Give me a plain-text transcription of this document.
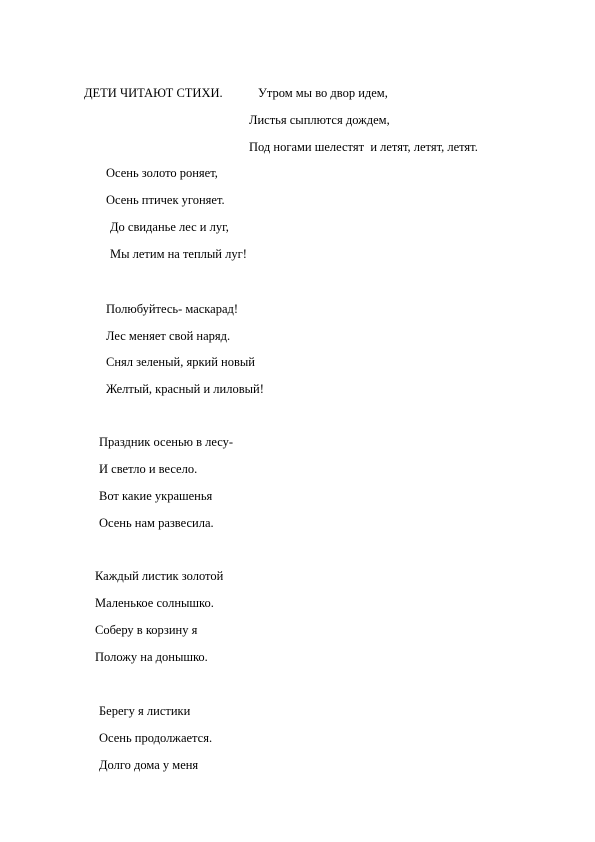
ДЕТИ ЧИТАЮТ СТИХИ.	Утром мы во двор идем,
Листья сыплются дождем,
Под ногами шелестят  и летят, летят, летят.
Осень золото роняет,
Осень птичек угоняет.
До свиданье лес и луг,
Мы летим на теплый луг!
Полюбуйтесь- маскарад!
Лес меняет свой наряд.
Снял зеленый, яркий новый
Желтый, красный и лиловый!
Праздник осенью в лесу-
И светло и весело.
Вот какие украшенья
Осень нам развесила.
Каждый листик золотой
Маленькое солнышко.
Соберу в корзину я
Положу на донышко.
Берегу я листики
Осень продолжается.
Долго дома у меня
